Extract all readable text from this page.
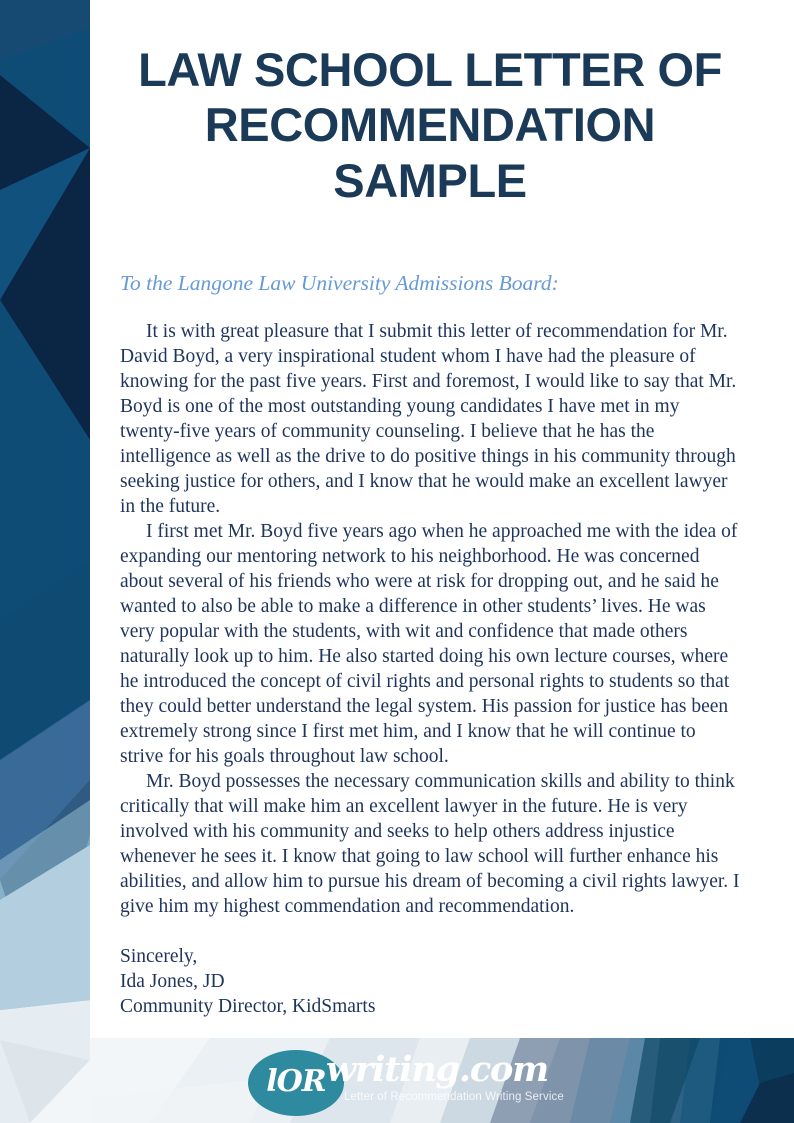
LAW SCHOOL LETTER OF RECOMMENDATION SAMPLE

To the Langone Law University Admissions Board:

It is with great pleasure that I submit this letter of recommendation for Mr. David Boyd, a very inspirational student whom I have had the pleasure of knowing for the past five years. First and foremost, I would like to say that Mr. Boyd is one of the most outstanding young candidates I have met in my twenty-five years of community counseling. I believe that he has the intelligence as well as the drive to do positive things in his community through seeking justice for others, and I know that he would make an excellent lawyer in the future.

I first met Mr. Boyd five years ago when he approached me with the idea of expanding our mentoring network to his neighborhood. He was concerned about several of his friends who were at risk for dropping out, and he said he wanted to also be able to make a difference in other students’ lives. He was very popular with the students, with wit and confidence that made others naturally look up to him. He also started doing his own lecture courses, where he introduced the concept of civil rights and personal rights to students so that they could better understand the legal system. His passion for justice has been extremely strong since I first met him, and I know that he will continue to strive for his goals throughout law school.

Mr. Boyd possesses the necessary communication skills and ability to think critically that will make him an excellent lawyer in the future. He is very involved with his community and seeks to help others address injustice whenever he sees it. I know that going to law school will further enhance his abilities, and allow him to pursue his dream of becoming a civil rights lawyer. I give him my highest commendation and recommendation.

Sincerely,
Ida Jones, JD
Community Director, KidSmarts
lOR writing.com
Letter of Recommendation Writing Service
